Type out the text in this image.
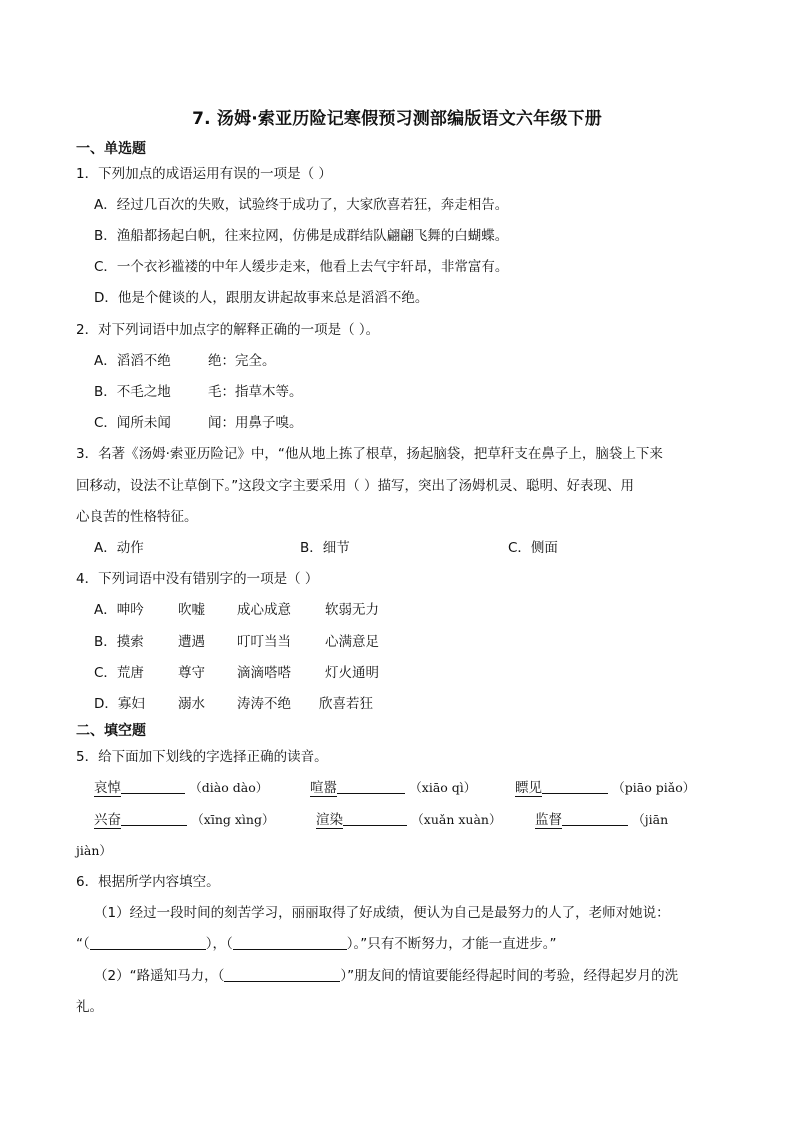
7. 汤姆·索亚历险记寒假预习测部编版语文六年级下册
一、单选题
1．下列加点的成语运用有误的一项是（ ）
A．经过几百次的失败，试验终于成功了，大家欣喜若狂，奔走相告。
B．渔船都扬起白帆，往来拉网，仿佛是成群结队翩翩飞舞的白蝴蝶。
C．一个衣衫褴褛的中年人缓步走来，他看上去气宇轩昂，非常富有。
D．他是个健谈的人，跟朋友讲起故事来总是滔滔不绝。
2．对下列词语中加点字的解释正确的一项是（ ）。
A．滔滔不绝	绝：完全。
B．不毛之地	毛：指草木等。
C．闻所未闻	闻：用鼻子嗅。
3．名著《汤姆·索亚历险记》中，“他从地上拣了根草，扬起脑袋，把草秆支在鼻子上，脑袋上下来
回移动，设法不让草倒下。”这段文字主要采用（ ）描写，突出了汤姆机灵、聪明、好表现、用
心良苦的性格特征。
A．动作	B．细节	C．侧面
4．下列词语中没有错别字的一项是（ ）
A．呻吟	吹嘘 成心成意	软弱无力
B．摸索	遭遇 叮叮当当	心满意足
C．荒唐	尊守 滴滴嗒嗒	灯火通明
D．寡妇 溺水 涛涛不绝 欣喜若狂
二、填空题
5．给下面加下划线的字选择正确的读音。
哀悼	（diào dào）	喧嚣	（xiāo qì）	瞟见	（piāo piǎo）
兴奋	（xīng xìng）	渲染	（xuǎn xuàn） 监督	（jiān
jiàn）
6．根据所学内容填空。
（1）经过一段时间的刻苦学习，丽丽取得了好成绩，便认为自己是最努力的人了，老师对她说：
“（	），（	）。”只有不断努力，才能一直进步。”
（2）“路遥知马力，（	）”朋友间的情谊要能经得起时间的考验，经得起岁月的洗
礼。
